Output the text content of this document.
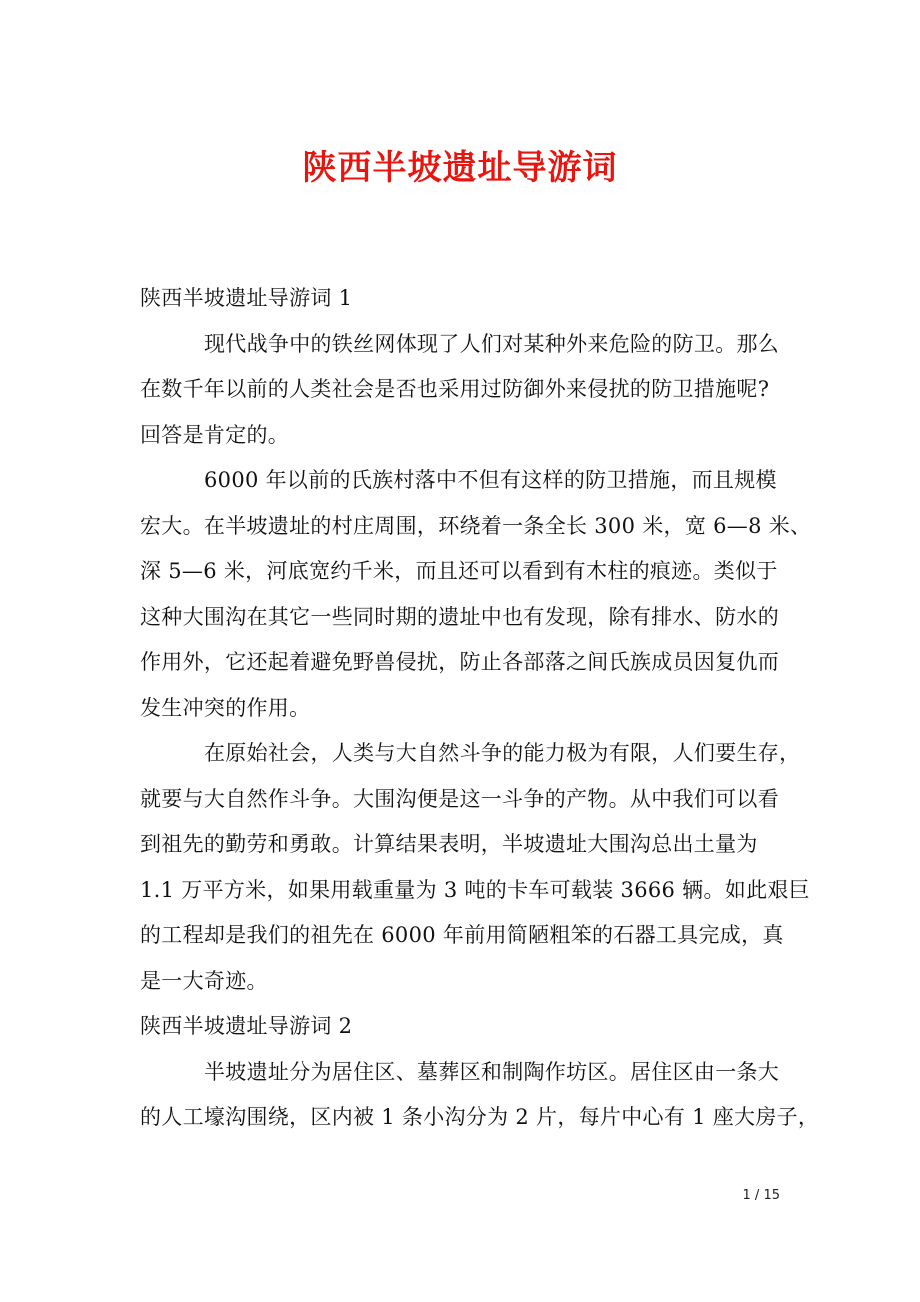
陕西半坡遗址导游词
陕西半坡遗址导游词 1
现代战争中的铁丝网体现了人们对某种外来危险的防卫。那么
在数千年以前的人类社会是否也采用过防御外来侵扰的防卫措施呢?
回答是肯定的。
6000 年以前的氏族村落中不但有这样的防卫措施，而且规模
宏大。在半坡遗址的村庄周围，环绕着一条全长 300 米，宽 6—8 米、
深 5—6 米，河底宽约千米，而且还可以看到有木柱的痕迹。类似于
这种大围沟在其它一些同时期的遗址中也有发现，除有排水、防水的
作用外，它还起着避免野兽侵扰，防止各部落之间氏族成员因复仇而
发生冲突的作用。
在原始社会，人类与大自然斗争的能力极为有限，人们要生存，
就要与大自然作斗争。大围沟便是这一斗争的产物。从中我们可以看
到祖先的勤劳和勇敢。计算结果表明，半坡遗址大围沟总出土量为
1.1 万平方米，如果用载重量为 3 吨的卡车可载装 3666 辆。如此艰巨
的工程却是我们的祖先在 6000 年前用简陋粗笨的石器工具完成，真
是一大奇迹。
陕西半坡遗址导游词 2
半坡遗址分为居住区、墓葬区和制陶作坊区。居住区由一条大
的人工壕沟围绕，区内被 1 条小沟分为 2 片，每片中心有 1 座大房子，
1 / 15
